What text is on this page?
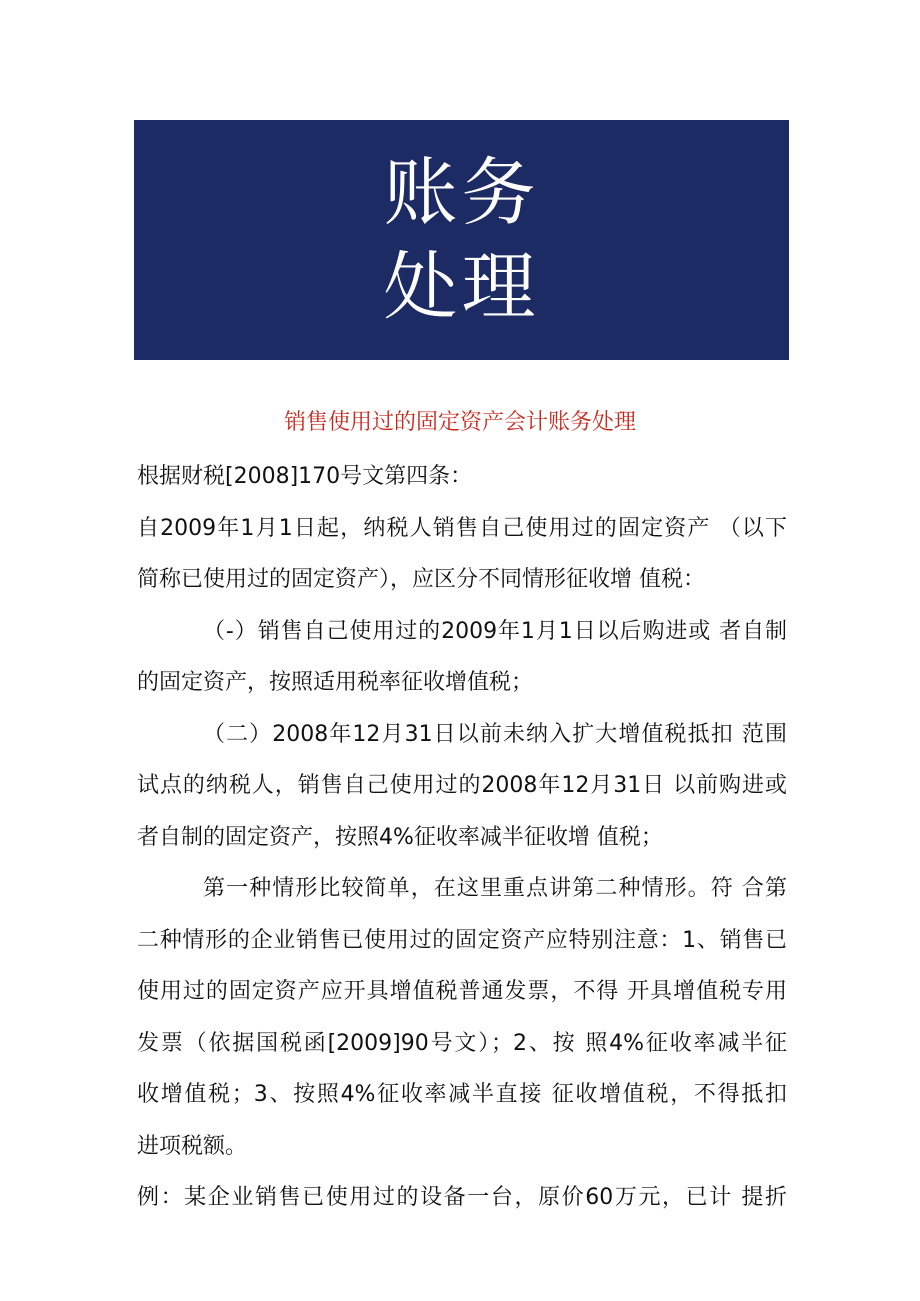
账务
处理
销售使用过的固定资产会计账务处理
根据财税[2008]170号文第四条：
自2009年1月1日起，纳税人销售自己使用过的固定资产 （以下
简称已使用过的固定资产），应区分不同情形征收增 值税：
（-）销售自己使用过的2009年1月1日以后购进或 者自制
的固定资产，按照适用税率征收增值税；
（二）2008年12月31日以前未纳入扩大增值税抵扣 范围
试点的纳税人，销售自己使用过的2008年12月31日 以前购进或
者自制的固定资产，按照4%征收率减半征收增 值税；
第一种情形比较简单，在这里重点讲第二种情形。符 合第
二种情形的企业销售已使用过的固定资产应特别注意：1、销售已
使用过的固定资产应开具增值税普通发票，不得 开具增值税专用
发票（依据国税函[2009]90号文）；2、按 照4%征收率减半征
收增值税；3、按照4%征收率减半直接 征收增值税，不得抵扣
进项税额。
例：某企业销售已使用过的设备一台，原价60万元，已计 提折
